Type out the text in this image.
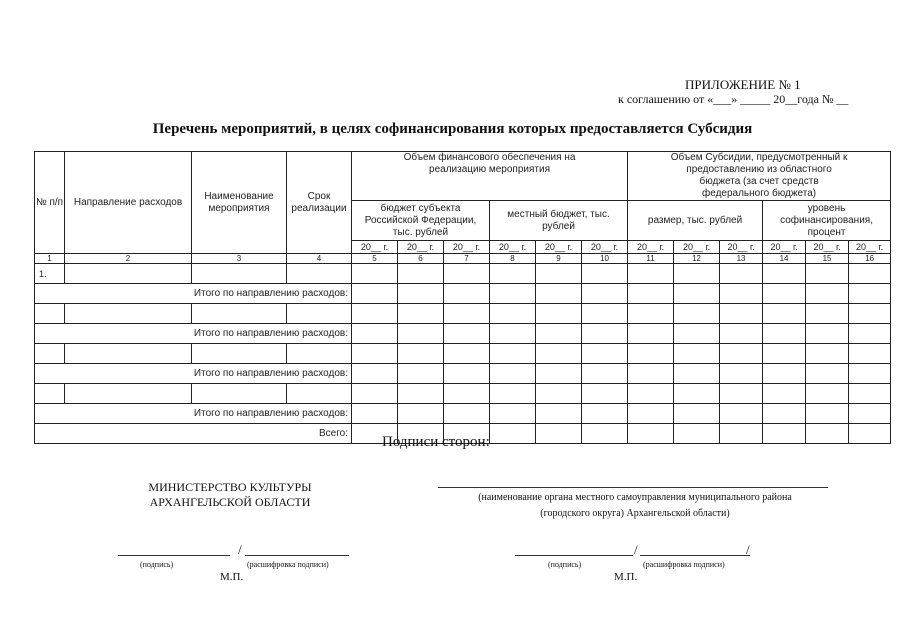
ПРИЛОЖЕНИЕ № 1
к соглашению от «___» _____ 20__года № __
Перечень мероприятий, в целях софинансирования которых предоставляется Субсидия
№ п/п	Направление расходов	Наименование мероприятия	Срок реализации	Объем финансового обеспечения на реализацию мероприятия						Объем Субсидии, предусмотренный к предоставлению из областного бюджета (за счет средств федерального бюджета)					
				бюджет субъекта Российской Федерации, тыс. рублей			местный бюджет, тыс. рублей			размер, тыс. рублей			уровень софинансирования, процент		
				20__ г.	20__ г.	20__ г.	20__ г.	20__ г.	20__ г.	20__ г.	20__ г.	20__ г.	20__ г.	20__ г.	20__ г.
1	2	3	4	5	6	7	8	9	10	11	12	13	14	15	16
1.															
Итого по направлению расходов:															

Итого по направлению расходов:															

Итого по направлению расходов:															

Итого по направлению расходов:															
Всего:															
Подписи сторон:
МИНИСТЕРСТВО КУЛЬТУРЫ АРХАНГЕЛЬСКОЙ ОБЛАСТИ	(наименование органа местного самоуправления муниципального района
(городского округа) Архангельской области)
/
(подпись)	(расшифровка подписи)
М.П.
/	/
(подпись)	(расшифровка подписи)
М.П.
